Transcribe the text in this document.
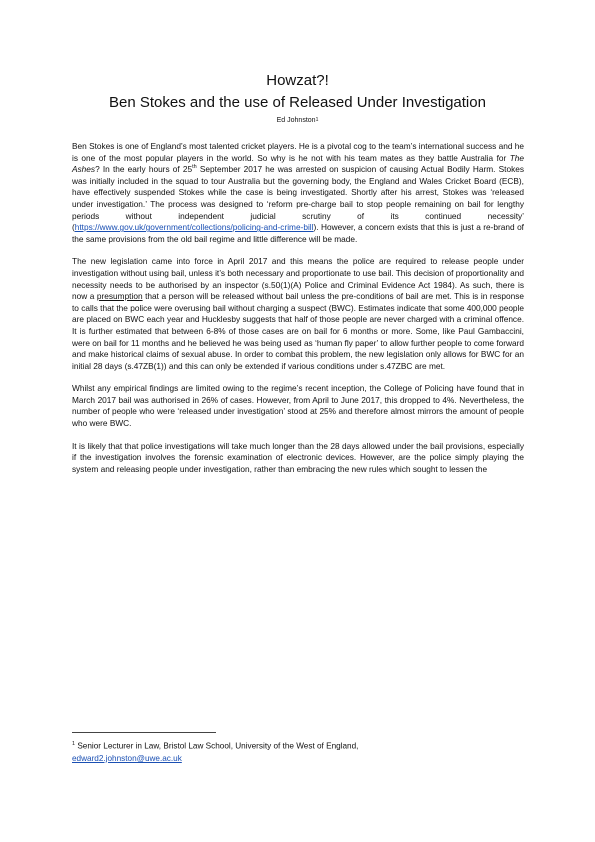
Howzat?!
Ben Stokes and the use of Released Under Investigation
Ed Johnston$^1$

Ben Stokes is one of England’s most talented cricket players. He is a pivotal cog to the team’s international success and he is one of the most popular players in the world. So why is he not with his team mates as they battle Australia for The Ashes? In the early hours of 25th September 2017 he was arrested on suspicion of causing Actual Bodily Harm. Stokes was initially included in the squad to tour Australia but the governing body, the England and Wales Cricket Board (ECB), have effectively suspended Stokes while the case is being investigated. Shortly after his arrest, Stokes was ‘released under investigation.’ The process was designed to ‘reform pre-charge bail to stop people remaining on bail for lengthy periods without independent judicial scrutiny of its continued necessity’ (https://www.gov.uk/government/collections/policing-and-crime-bill). However, a concern exists that this is just a re-brand of the same provisions from the old bail regime and little difference will be made.

The new legislation came into force in April 2017 and this means the police are required to release people under investigation without using bail, unless it’s both necessary and proportionate to use bail. This decision of proportionality and necessity needs to be authorised by an inspector (s.50(1)(A) Police and Criminal Evidence Act 1984). As such, there is now a presumption that a person will be released without bail unless the pre-conditions of bail are met. This is in response to calls that the police were overusing bail without charging a suspect (BWC). Estimates indicate that some 400,000 people are placed on BWC each year and Hucklesby suggests that half of those people are never charged with a criminal offence. It is further estimated that between 6-8% of those cases are on bail for 6 months or more. Some, like Paul Gambaccini, were on bail for 11 months and he believed he was being used as ‘human fly paper’ to allow further people to come forward and make historical claims of sexual abuse. In order to combat this problem, the new legislation only allows for BWC for an initial 28 days (s.47ZB(1)) and this can only be extended if various conditions under s.47ZBC are met.

Whilst any empirical findings are limited owing to the regime’s recent inception, the College of Policing have found that in March 2017 bail was authorised in 26% of cases. However, from April to June 2017, this dropped to 4%. Nevertheless, the number of people who were ‘released under investigation’ stood at 25% and therefore almost mirrors the amount of people who were BWC.

It is likely that that police investigations will take much longer than the 28 days allowed under the bail provisions, especially if the investigation involves the forensic examination of electronic devices. However, are the police simply playing the system and releasing people under investigation, rather than embracing the new rules which sought to lessen the

$^1$ Senior Lecturer in Law, Bristol Law School, University of the West of England,
edward2.johnston@uwe.ac.uk
